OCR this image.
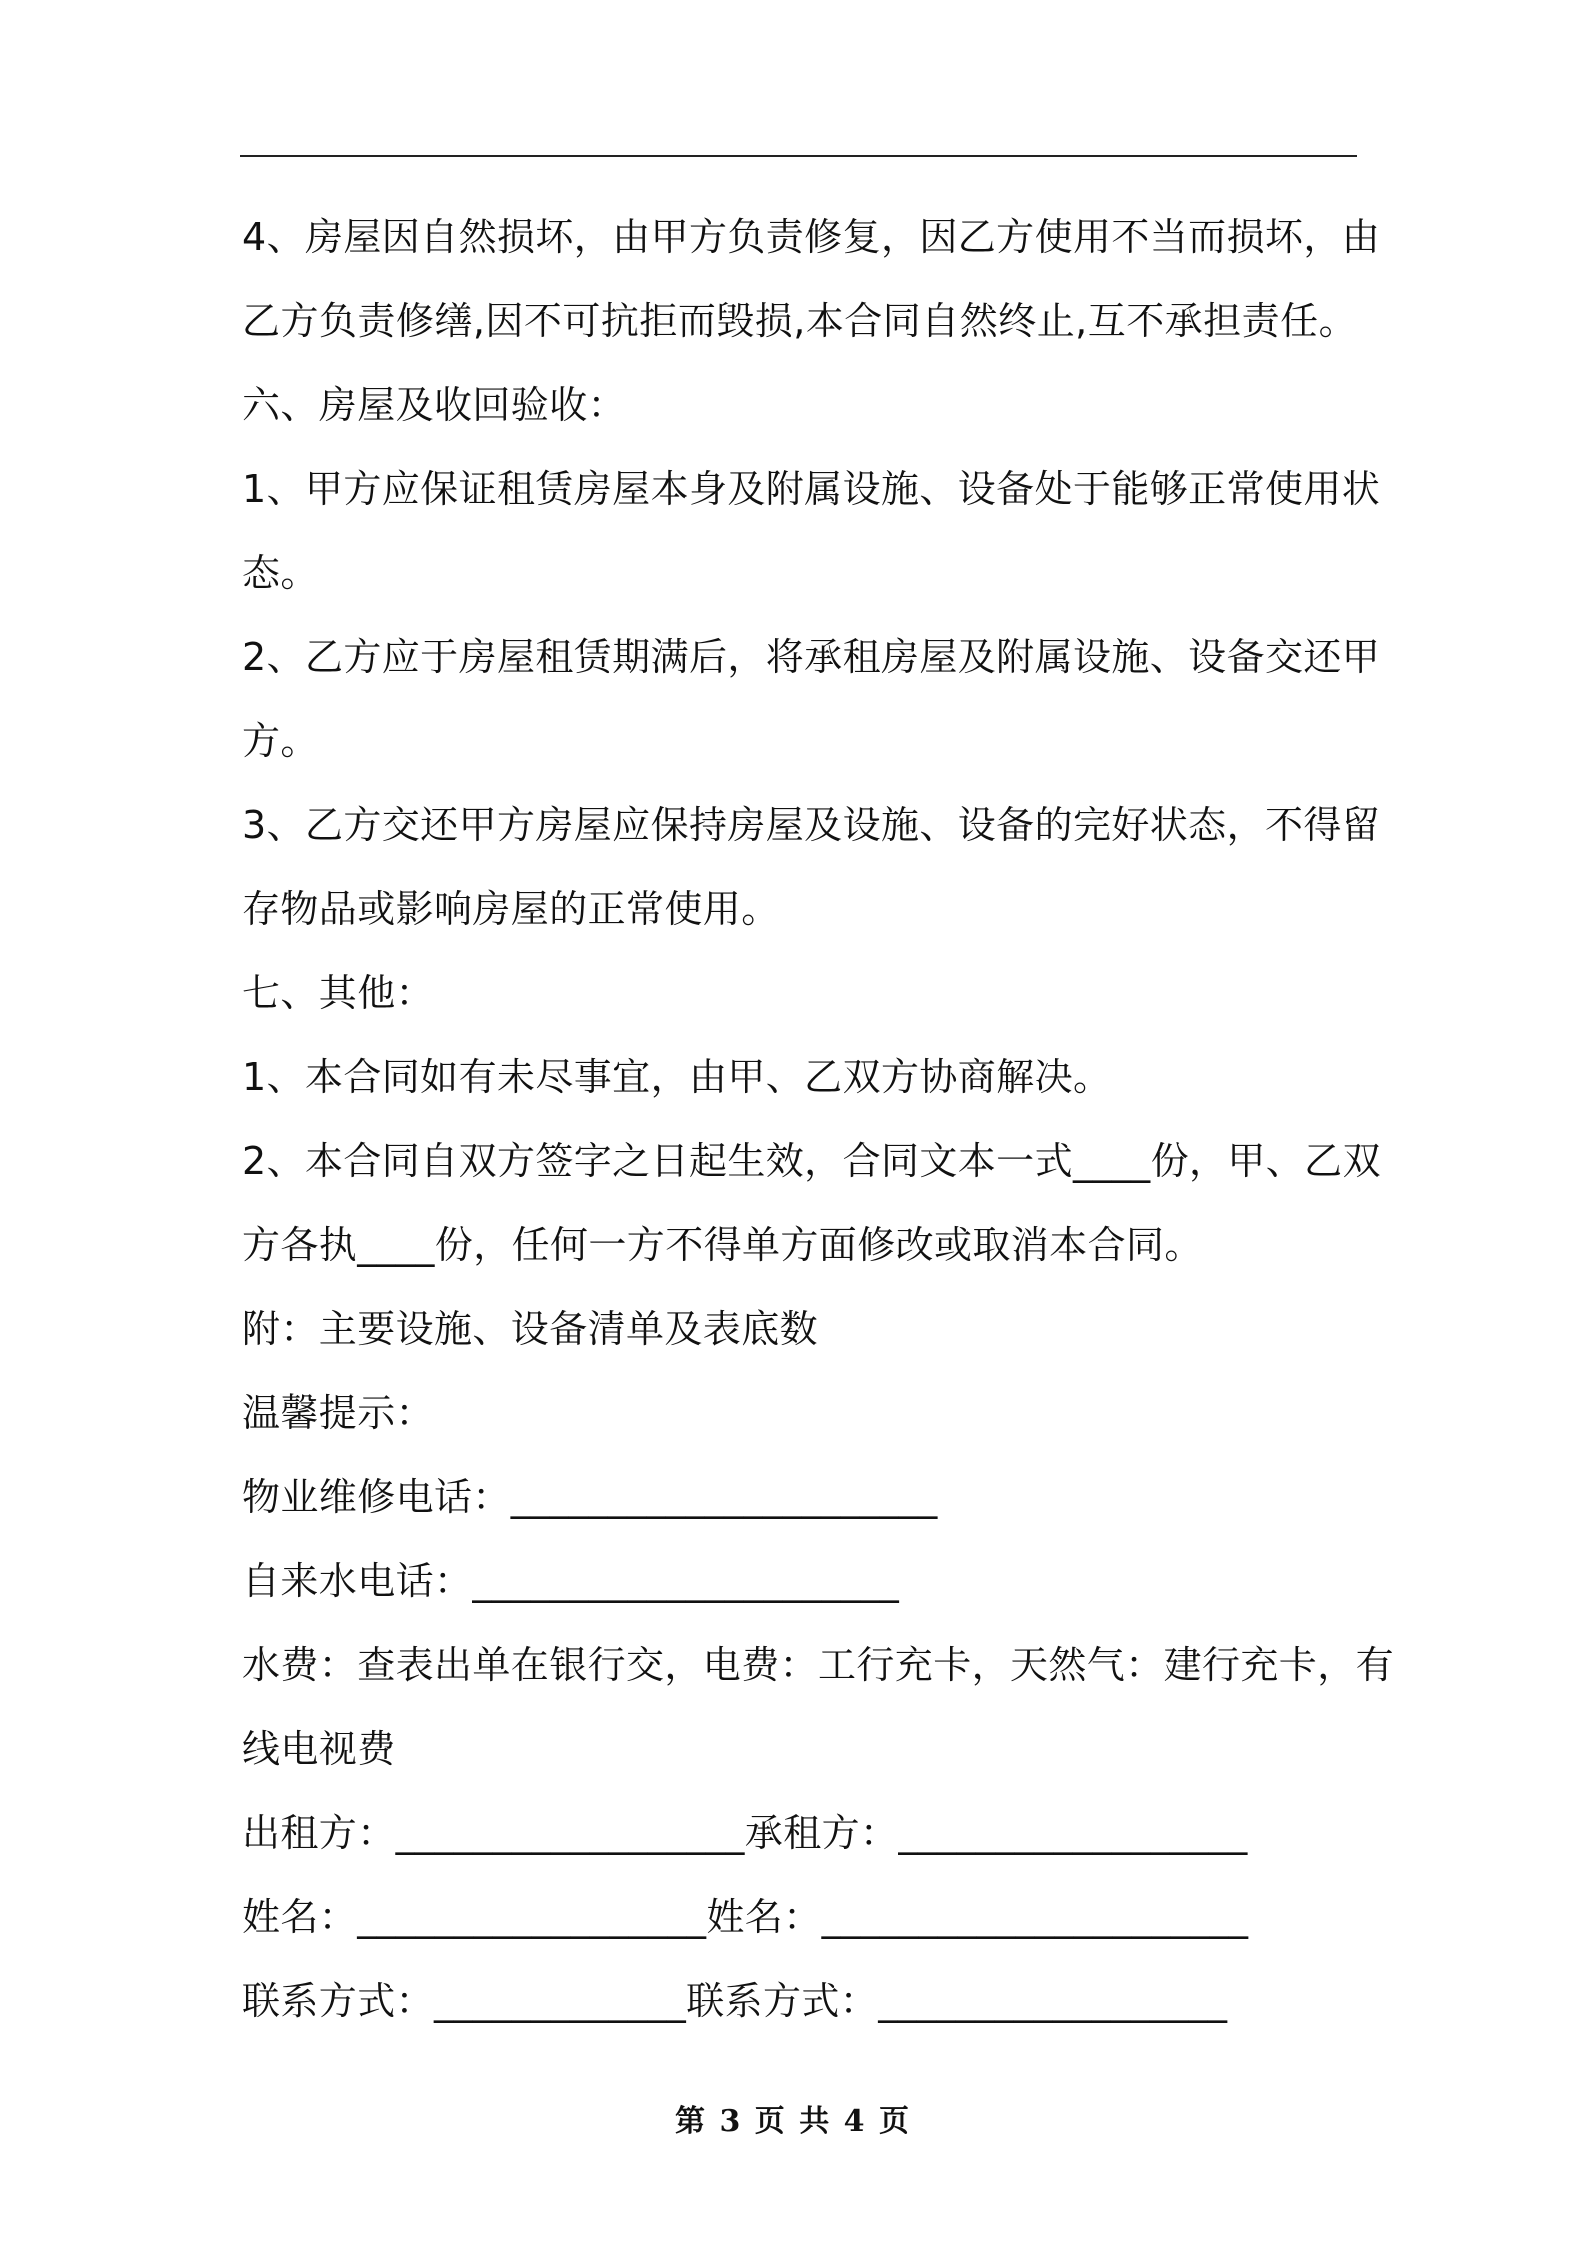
4、房屋因自然损坏，由甲方负责修复，因乙方使用不当而损坏，由
乙方负责修缮,因不可抗拒而毁损,本合同自然终止,互不承担责任。
六、房屋及收回验收：
1、甲方应保证租赁房屋本身及附属设施、设备处于能够正常使用状
态。
2、乙方应于房屋租赁期满后，将承租房屋及附属设施、设备交还甲
方。
3、乙方交还甲方房屋应保持房屋及设施、设备的完好状态，不得留
存物品或影响房屋的正常使用。
七、其他：
1、本合同如有未尽事宜，由甲、乙双方协商解决。
2、本合同自双方签字之日起生效，合同文本一式____份，甲、乙双
方各执____份，任何一方不得单方面修改或取消本合同。
附：主要设施、设备清单及表底数
温馨提示：
物业维修电话：______________________
自来水电话：______________________
水费：查表出单在银行交，电费：工行充卡，天然气：建行充卡，有
线电视费
出租方：__________________承租方：__________________
姓名：__________________姓名：______________________
联系方式：_____________联系方式：__________________
第 3 页 共 4 页
